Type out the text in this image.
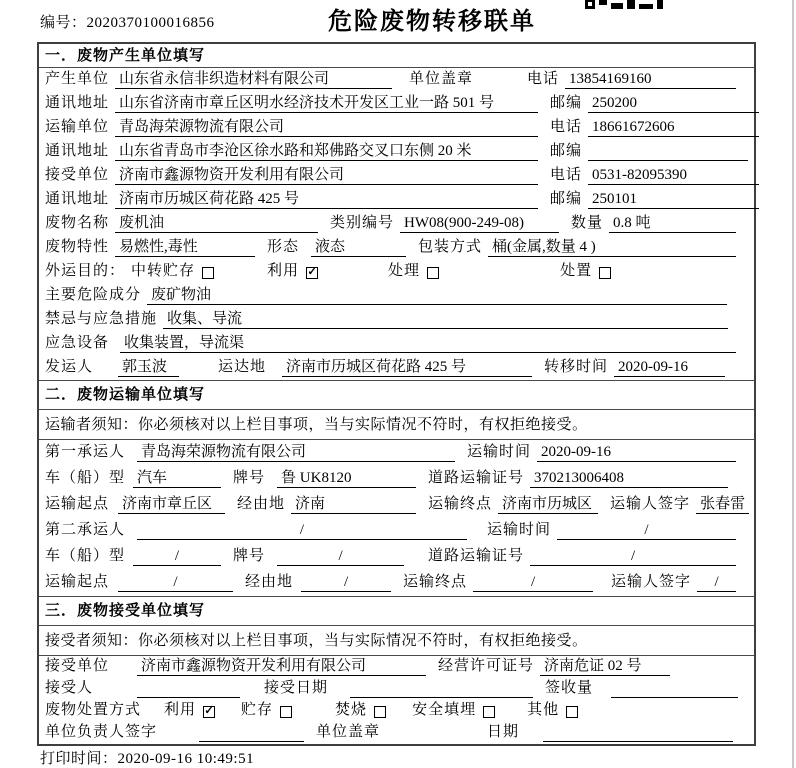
编号：2020370100016856	危险废物转移联单
一．废物产生单位填写
产生单位 山东省永信非织造材料有限公司	单位盖章	电话 13854169160
通讯地址 山东省济南市章丘区明水经济技术开发区工业一路 501 号	邮编 250200
运输单位 青岛海荣源物流有限公司	电话 18661672606
通讯地址 山东省青岛市李沧区徐水路和郑佛路交叉口东侧 20 米	邮编
接受单位 济南市鑫源物资开发利用有限公司	电话 0531-82095390
通讯地址 济南市历城区荷花路 425 号	邮编 250101
废物名称 废机油	类别编号 HW08(900-249-08)	数量 0.8 吨
废物特性 易燃性,毒性	形态 液态	包装方式 桶(金属,数量 4 )
外运目的： 中转贮存	利用 ✓	处理	处置
主要危险成分 废矿物油
禁忌与应急措施 收集、导流
应急设备 收集装置，导流渠
发运人 郭玉波	运达地 济南市历城区荷花路 425 号	转移时间 2020-09-16
二．废物运输单位填写
运输者须知：你必须核对以上栏目事项，当与实际情况不符时，有权拒绝接受。
第一承运人 青岛海荣源物流有限公司	运输时间 2020-09-16
车（船）型 汽车	牌号 鲁 UK8120	道路运输证号 370213006408
运输起点 济南市章丘区	经由地 济南	运输终点 济南市历城区	运输人签字 张春雷
第二承运人	/	运输时间	/
车（船）型	/	牌号	/	道路运输证号	/
运输起点	/	经由地	/	运输终点	/	运输人签字	/
三．废物接受单位填写
接受者须知：你必须核对以上栏目事项，当与实际情况不符时，有权拒绝接受。
接受单位 济南市鑫源物资开发利用有限公司	经营许可证号 济南危证 02 号
接受人	接受日期	签收量
废物处置方式 利用 ✓ 贮存	焚烧	安全填埋	其他
单位负责人签字	单位盖章	日期
打印时间：2020-09-16 10:49:51
